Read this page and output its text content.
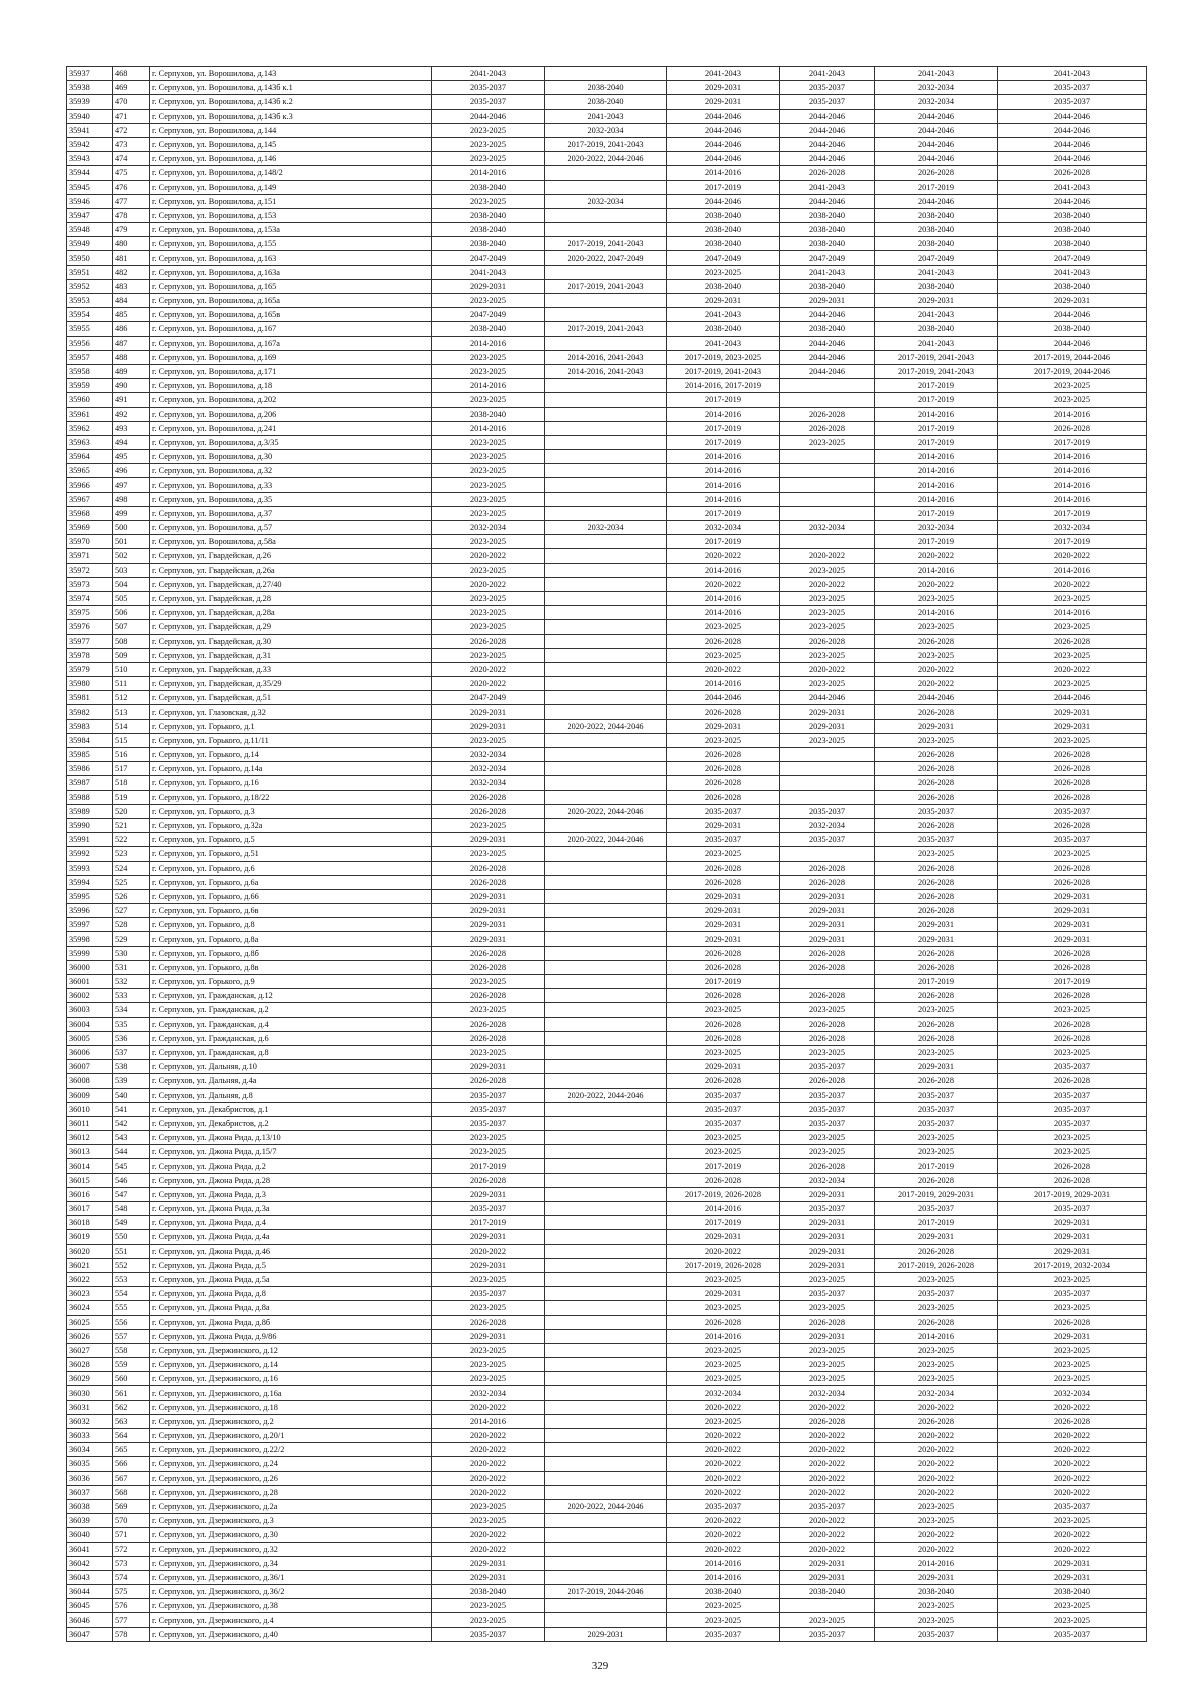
35937	468	г. Серпухов, ул. Ворошилова, д.143	2041-2043		2041-2043	2041-2043	2041-2043	2041-2043
35938	469	г. Серпухов, ул. Ворошилова, д.143б к.1	2035-2037	2038-2040	2029-2031	2035-2037	2032-2034	2035-2037
35939	470	г. Серпухов, ул. Ворошилова, д.143б к.2	2035-2037	2038-2040	2029-2031	2035-2037	2032-2034	2035-2037
35940	471	г. Серпухов, ул. Ворошилова, д.143б к.3	2044-2046	2041-2043	2044-2046	2044-2046	2044-2046	2044-2046
35941	472	г. Серпухов, ул. Ворошилова, д.144	2023-2025	2032-2034	2044-2046	2044-2046	2044-2046	2044-2046
35942	473	г. Серпухов, ул. Ворошилова, д.145	2023-2025	2017-2019, 2041-2043	2044-2046	2044-2046	2044-2046	2044-2046
35943	474	г. Серпухов, ул. Ворошилова, д.146	2023-2025	2020-2022, 2044-2046	2044-2046	2044-2046	2044-2046	2044-2046
35944	475	г. Серпухов, ул. Ворошилова, д.148/2	2014-2016		2014-2016	2026-2028	2026-2028	2026-2028
35945	476	г. Серпухов, ул. Ворошилова, д.149	2038-2040		2017-2019	2041-2043	2017-2019	2041-2043
35946	477	г. Серпухов, ул. Ворошилова, д.151	2023-2025	2032-2034	2044-2046	2044-2046	2044-2046	2044-2046
35947	478	г. Серпухов, ул. Ворошилова, д.153	2038-2040		2038-2040	2038-2040	2038-2040	2038-2040
35948	479	г. Серпухов, ул. Ворошилова, д.153а	2038-2040		2038-2040	2038-2040	2038-2040	2038-2040
35949	480	г. Серпухов, ул. Ворошилова, д.155	2038-2040	2017-2019, 2041-2043	2038-2040	2038-2040	2038-2040	2038-2040
35950	481	г. Серпухов, ул. Ворошилова, д.163	2047-2049	2020-2022, 2047-2049	2047-2049	2047-2049	2047-2049	2047-2049
35951	482	г. Серпухов, ул. Ворошилова, д.163а	2041-2043		2023-2025	2041-2043	2041-2043	2041-2043
35952	483	г. Серпухов, ул. Ворошилова, д.165	2029-2031	2017-2019, 2041-2043	2038-2040	2038-2040	2038-2040	2038-2040
35953	484	г. Серпухов, ул. Ворошилова, д.165а	2023-2025		2029-2031	2029-2031	2029-2031	2029-2031
35954	485	г. Серпухов, ул. Ворошилова, д.165в	2047-2049		2041-2043	2044-2046	2041-2043	2044-2046
35955	486	г. Серпухов, ул. Ворошилова, д.167	2038-2040	2017-2019, 2041-2043	2038-2040	2038-2040	2038-2040	2038-2040
35956	487	г. Серпухов, ул. Ворошилова, д.167а	2014-2016		2041-2043	2044-2046	2041-2043	2044-2046
35957	488	г. Серпухов, ул. Ворошилова, д.169	2023-2025	2014-2016, 2041-2043	2017-2019, 2023-2025	2044-2046	2017-2019, 2041-2043	2017-2019, 2044-2046
35958	489	г. Серпухов, ул. Ворошилова, д.171	2023-2025	2014-2016, 2041-2043	2017-2019, 2041-2043	2044-2046	2017-2019, 2041-2043	2017-2019, 2044-2046
35959	490	г. Серпухов, ул. Ворошилова, д.18	2014-2016		2014-2016, 2017-2019		2017-2019	2023-2025
35960	491	г. Серпухов, ул. Ворошилова, д.202	2023-2025		2017-2019		2017-2019	2023-2025
35961	492	г. Серпухов, ул. Ворошилова, д.206	2038-2040		2014-2016	2026-2028	2014-2016	2014-2016
35962	493	г. Серпухов, ул. Ворошилова, д.241	2014-2016		2017-2019	2026-2028	2017-2019	2026-2028
35963	494	г. Серпухов, ул. Ворошилова, д.3/35	2023-2025		2017-2019	2023-2025	2017-2019	2017-2019
35964	495	г. Серпухов, ул. Ворошилова, д.30	2023-2025		2014-2016		2014-2016	2014-2016
35965	496	г. Серпухов, ул. Ворошилова, д.32	2023-2025		2014-2016		2014-2016	2014-2016
35966	497	г. Серпухов, ул. Ворошилова, д.33	2023-2025		2014-2016		2014-2016	2014-2016
35967	498	г. Серпухов, ул. Ворошилова, д.35	2023-2025		2014-2016		2014-2016	2014-2016
35968	499	г. Серпухов, ул. Ворошилова, д.37	2023-2025		2017-2019		2017-2019	2017-2019
35969	500	г. Серпухов, ул. Ворошилова, д.57	2032-2034	2032-2034	2032-2034	2032-2034	2032-2034	2032-2034
35970	501	г. Серпухов, ул. Ворошилова, д.58а	2023-2025		2017-2019		2017-2019	2017-2019
35971	502	г. Серпухов, ул. Гвардейская, д.26	2020-2022		2020-2022	2020-2022	2020-2022	2020-2022
35972	503	г. Серпухов, ул. Гвардейская, д.26а	2023-2025		2014-2016	2023-2025	2014-2016	2014-2016
35973	504	г. Серпухов, ул. Гвардейская, д.27/40	2020-2022		2020-2022	2020-2022	2020-2022	2020-2022
35974	505	г. Серпухов, ул. Гвардейская, д.28	2023-2025		2014-2016	2023-2025	2023-2025	2023-2025
35975	506	г. Серпухов, ул. Гвардейская, д.28а	2023-2025		2014-2016	2023-2025	2014-2016	2014-2016
35976	507	г. Серпухов, ул. Гвардейская, д.29	2023-2025		2023-2025	2023-2025	2023-2025	2023-2025
35977	508	г. Серпухов, ул. Гвардейская, д.30	2026-2028		2026-2028	2026-2028	2026-2028	2026-2028
35978	509	г. Серпухов, ул. Гвардейская, д.31	2023-2025		2023-2025	2023-2025	2023-2025	2023-2025
35979	510	г. Серпухов, ул. Гвардейская, д.33	2020-2022		2020-2022	2020-2022	2020-2022	2020-2022
35980	511	г. Серпухов, ул. Гвардейская, д.35/29	2020-2022		2014-2016	2023-2025	2020-2022	2023-2025
35981	512	г. Серпухов, ул. Гвардейская, д.51	2047-2049		2044-2046	2044-2046	2044-2046	2044-2046
35982	513	г. Серпухов, ул. Глазовская, д.32	2029-2031		2026-2028	2029-2031	2026-2028	2029-2031
35983	514	г. Серпухов, ул. Горького, д.1	2029-2031	2020-2022, 2044-2046	2029-2031	2029-2031	2029-2031	2029-2031
35984	515	г. Серпухов, ул. Горького, д.11/11	2023-2025		2023-2025	2023-2025	2023-2025	2023-2025
35985	516	г. Серпухов, ул. Горького, д.14	2032-2034		2026-2028		2026-2028	2026-2028
35986	517	г. Серпухов, ул. Горького, д.14а	2032-2034		2026-2028		2026-2028	2026-2028
35987	518	г. Серпухов, ул. Горького, д.16	2032-2034		2026-2028		2026-2028	2026-2028
35988	519	г. Серпухов, ул. Горького, д.18/22	2026-2028		2026-2028		2026-2028	2026-2028
35989	520	г. Серпухов, ул. Горького, д.3	2026-2028	2020-2022, 2044-2046	2035-2037	2035-2037	2035-2037	2035-2037
35990	521	г. Серпухов, ул. Горького, д.32а	2023-2025		2029-2031	2032-2034	2026-2028	2026-2028
35991	522	г. Серпухов, ул. Горького, д.5	2029-2031	2020-2022, 2044-2046	2035-2037	2035-2037	2035-2037	2035-2037
35992	523	г. Серпухов, ул. Горького, д.51	2023-2025		2023-2025		2023-2025	2023-2025
35993	524	г. Серпухов, ул. Горького, д.6	2026-2028		2026-2028	2026-2028	2026-2028	2026-2028
35994	525	г. Серпухов, ул. Горького, д.6а	2026-2028		2026-2028	2026-2028	2026-2028	2026-2028
35995	526	г. Серпухов, ул. Горького, д.66	2029-2031		2029-2031	2029-2031	2026-2028	2029-2031
35996	527	г. Серпухов, ул. Горького, д.6в	2029-2031		2029-2031	2029-2031	2026-2028	2029-2031
35997	528	г. Серпухов, ул. Горького, д.8	2029-2031		2029-2031	2029-2031	2029-2031	2029-2031
35998	529	г. Серпухов, ул. Горького, д.8а	2029-2031		2029-2031	2029-2031	2029-2031	2029-2031
35999	530	г. Серпухов, ул. Горького, д.8б	2026-2028		2026-2028	2026-2028	2026-2028	2026-2028
36000	531	г. Серпухов, ул. Горького, д.8в	2026-2028		2026-2028	2026-2028	2026-2028	2026-2028
36001	532	г. Серпухов, ул. Горького, д.9	2023-2025		2017-2019		2017-2019	2017-2019
36002	533	г. Серпухов, ул. Гражданская, д.12	2026-2028		2026-2028	2026-2028	2026-2028	2026-2028
36003	534	г. Серпухов, ул. Гражданская, д.2	2023-2025		2023-2025	2023-2025	2023-2025	2023-2025
36004	535	г. Серпухов, ул. Гражданская, д.4	2026-2028		2026-2028	2026-2028	2026-2028	2026-2028
36005	536	г. Серпухов, ул. Гражданская, д.6	2026-2028		2026-2028	2026-2028	2026-2028	2026-2028
36006	537	г. Серпухов, ул. Гражданская, д.8	2023-2025		2023-2025	2023-2025	2023-2025	2023-2025
36007	538	г. Серпухов, ул. Дальняя, д.10	2029-2031		2029-2031	2035-2037	2029-2031	2035-2037
36008	539	г. Серпухов, ул. Дальняя, д.4а	2026-2028		2026-2028	2026-2028	2026-2028	2026-2028
36009	540	г. Серпухов, ул. Дальняя, д.8	2035-2037	2020-2022, 2044-2046	2035-2037	2035-2037	2035-2037	2035-2037
36010	541	г. Серпухов, ул. Декабристов, д.1	2035-2037		2035-2037	2035-2037	2035-2037	2035-2037
36011	542	г. Серпухов, ул. Декабристов, д.2	2035-2037		2035-2037	2035-2037	2035-2037	2035-2037
36012	543	г. Серпухов, ул. Джона Рида, д.13/10	2023-2025		2023-2025	2023-2025	2023-2025	2023-2025
36013	544	г. Серпухов, ул. Джона Рида, д.15/7	2023-2025		2023-2025	2023-2025	2023-2025	2023-2025
36014	545	г. Серпухов, ул. Джона Рида, д.2	2017-2019		2017-2019	2026-2028	2017-2019	2026-2028
36015	546	г. Серпухов, ул. Джона Рида, д.28	2026-2028		2026-2028	2032-2034	2026-2028	2026-2028
36016	547	г. Серпухов, ул. Джона Рида, д.3	2029-2031		2017-2019, 2026-2028	2029-2031	2017-2019, 2029-2031	2017-2019, 2029-2031
36017	548	г. Серпухов, ул. Джона Рида, д.3а	2035-2037		2014-2016	2035-2037	2035-2037	2035-2037
36018	549	г. Серпухов, ул. Джона Рида, д.4	2017-2019		2017-2019	2029-2031	2017-2019	2029-2031
36019	550	г. Серпухов, ул. Джона Рида, д.4а	2029-2031		2029-2031	2029-2031	2029-2031	2029-2031
36020	551	г. Серпухов, ул. Джона Рида, д.46	2020-2022		2020-2022	2029-2031	2026-2028	2029-2031
36021	552	г. Серпухов, ул. Джона Рида, д.5	2029-2031		2017-2019, 2026-2028	2029-2031	2017-2019, 2026-2028	2017-2019, 2032-2034
36022	553	г. Серпухов, ул. Джона Рида, д.5а	2023-2025		2023-2025	2023-2025	2023-2025	2023-2025
36023	554	г. Серпухов, ул. Джона Рида, д.8	2035-2037		2029-2031	2035-2037	2035-2037	2035-2037
36024	555	г. Серпухов, ул. Джона Рида, д.8а	2023-2025		2023-2025	2023-2025	2023-2025	2023-2025
36025	556	г. Серпухов, ул. Джона Рида, д.8б	2026-2028		2026-2028	2026-2028	2026-2028	2026-2028
36026	557	г. Серпухов, ул. Джона Рида, д.9/86	2029-2031		2014-2016	2029-2031	2014-2016	2029-2031
36027	558	г. Серпухов, ул. Дзержинского, д.12	2023-2025		2023-2025	2023-2025	2023-2025	2023-2025
36028	559	г. Серпухов, ул. Дзержинского, д.14	2023-2025		2023-2025	2023-2025	2023-2025	2023-2025
36029	560	г. Серпухов, ул. Дзержинского, д.16	2023-2025		2023-2025	2023-2025	2023-2025	2023-2025
36030	561	г. Серпухов, ул. Дзержинского, д.16а	2032-2034		2032-2034	2032-2034	2032-2034	2032-2034
36031	562	г. Серпухов, ул. Дзержинского, д.18	2020-2022		2020-2022	2020-2022	2020-2022	2020-2022
36032	563	г. Серпухов, ул. Дзержинского, д.2	2014-2016		2023-2025	2026-2028	2026-2028	2026-2028
36033	564	г. Серпухов, ул. Дзержинского, д.20/1	2020-2022		2020-2022	2020-2022	2020-2022	2020-2022
36034	565	г. Серпухов, ул. Дзержинского, д.22/2	2020-2022		2020-2022	2020-2022	2020-2022	2020-2022
36035	566	г. Серпухов, ул. Дзержинского, д.24	2020-2022		2020-2022	2020-2022	2020-2022	2020-2022
36036	567	г. Серпухов, ул. Дзержинского, д.26	2020-2022		2020-2022	2020-2022	2020-2022	2020-2022
36037	568	г. Серпухов, ул. Дзержинского, д.28	2020-2022		2020-2022	2020-2022	2020-2022	2020-2022
36038	569	г. Серпухов, ул. Дзержинского, д.2а	2023-2025	2020-2022, 2044-2046	2035-2037	2035-2037	2023-2025	2035-2037
36039	570	г. Серпухов, ул. Дзержинского, д.3	2023-2025		2020-2022	2020-2022	2023-2025	2023-2025
36040	571	г. Серпухов, ул. Дзержинского, д.30	2020-2022		2020-2022	2020-2022	2020-2022	2020-2022
36041	572	г. Серпухов, ул. Дзержинского, д.32	2020-2022		2020-2022	2020-2022	2020-2022	2020-2022
36042	573	г. Серпухов, ул. Дзержинского, д.34	2029-2031		2014-2016	2029-2031	2014-2016	2029-2031
36043	574	г. Серпухов, ул. Дзержинского, д.36/1	2029-2031		2014-2016	2029-2031	2029-2031	2029-2031
36044	575	г. Серпухов, ул. Дзержинского, д.36/2	2038-2040	2017-2019, 2044-2046	2038-2040	2038-2040	2038-2040	2038-2040
36045	576	г. Серпухов, ул. Дзержинского, д.38	2023-2025		2023-2025		2023-2025	2023-2025
36046	577	г. Серпухов, ул. Дзержинского, д.4	2023-2025		2023-2025	2023-2025	2023-2025	2023-2025
36047	578	г. Серпухов, ул. Дзержинского, д.40	2035-2037	2029-2031	2035-2037	2035-2037	2035-2037	2035-2037
329
